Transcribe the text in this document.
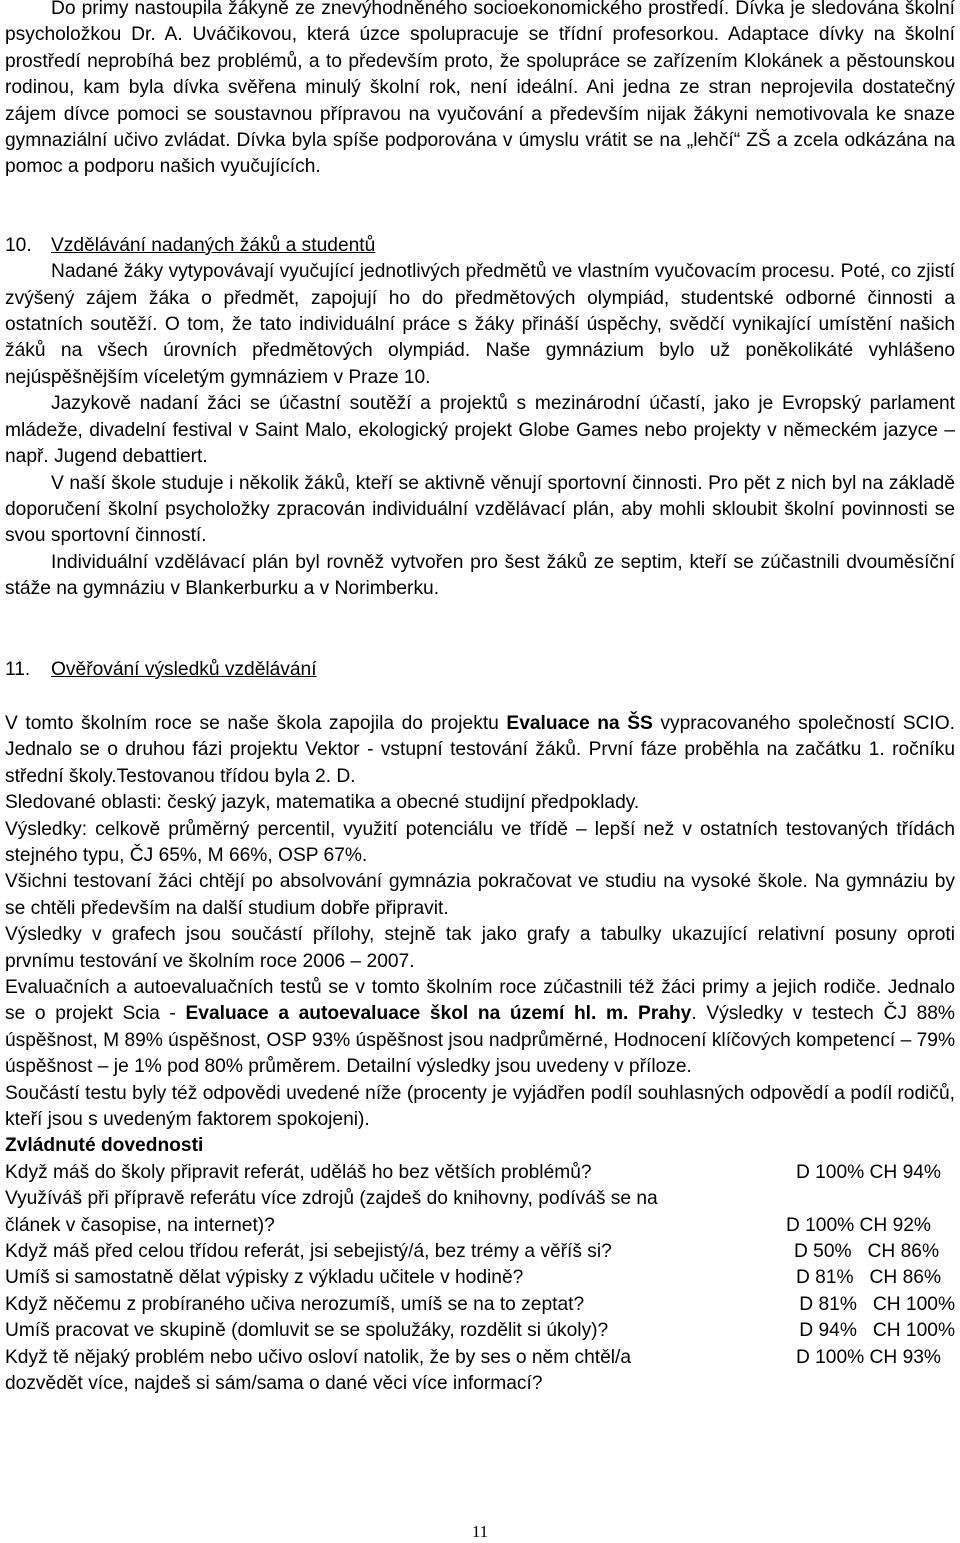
Do primy nastoupila žákyně ze znevýhodněného socioekonomického prostředí. Dívka je sledována školní psycholožkou Dr. A. Uváčikovou, která úzce spolupracuje se třídní profesorkou. Adaptace dívky na školní prostředí neprobíhá bez problémů, a to především proto, že spolupráce se zařízením Klokánek a pěstounskou rodinou, kam byla dívka svěřena minulý školní rok, není ideální. Ani jedna ze stran neprojevila dostatečný zájem dívce pomoci se soustavnou přípravou na vyučování a především nijak žákyni nemotivovala ke snaze gymnaziální učivo zvládat. Dívka byla spíše podporována v úmyslu vrátit se na „lehčí“ ZŠ a zcela odkázána na pomoc a podporu našich vyučujících.

10. Vzdělávání nadaných žáků a studentů

Nadané žáky vytypovávají vyučující jednotlivých předmětů ve vlastním vyučovacím procesu. Poté, co zjistí zvýšený zájem žáka o předmět, zapojují ho do předmětových olympiád, studentské odborné činnosti a ostatních soutěží. O tom, že tato individuální práce s žáky přináší úspěchy, svědčí vynikající umístění našich žáků na všech úrovních předmětových olympiád. Naše gymnázium bylo už poněkolikáté vyhlášeno nejúspěšnějším víceletým gymnáziem v Praze 10.

Jazykově nadaní žáci se účastní soutěží a projektů s mezinárodní účastí, jako je Evropský parlament mládeže, divadelní festival v Saint Malo, ekologický projekt Globe Games nebo projekty v německém jazyce – např. Jugend debattiert.

V naší škole studuje i několik žáků, kteří se aktivně věnují sportovní činnosti. Pro pět z nich byl na základě doporučení školní psycholožky zpracován individuální vzdělávací plán, aby mohli skloubit školní povinnosti se svou sportovní činností.

Individuální vzdělávací plán byl rovněž vytvořen pro šest žáků ze septim, kteří se zúčastnili dvouměsíční stáže na gymnáziu v Blankerburku a v Norimberku.

11. Ověřování výsledků vzdělávání

V tomto školním roce se naše škola zapojila do projektu Evaluace na ŠS vypracovaného společností SCIO. Jednalo se o druhou fázi projektu Vektor - vstupní testování žáků. První fáze proběhla na začátku 1. ročníku střední školy.Testovanou třídou byla 2. D.

Sledované oblasti: český jazyk, matematika a obecné studijní předpoklady.

Výsledky: celkově průměrný percentil, využití potenciálu ve třídě – lepší než v ostatních testovaných třídách stejného typu, ČJ 65%, M 66%, OSP 67%.

Všichni testovaní žáci chtějí po absolvování gymnázia pokračovat ve studiu na vysoké škole. Na gymnáziu by se chtěli především na další studium dobře připravit.

Výsledky v grafech jsou součástí přílohy, stejně tak jako grafy a tabulky ukazující relativní posuny oproti prvnímu testování ve školním roce 2006 – 2007.

Evaluačních a autoevaluačních testů se v tomto školním roce zúčastnili též žáci primy a jejich rodiče. Jednalo se o projekt Scia - Evaluace a autoevaluace škol na území hl. m. Prahy. Výsledky v testech ČJ 88% úspěšnost, M 89% úspěšnost, OSP 93% úspěšnost jsou nadprůměrné, Hodnocení klíčových kompetencí – 79% úspěšnost – je 1% pod 80% průměrem. Detailní výsledky jsou uvedeny v příloze.

Součástí testu byly též odpovědi uvedené níže (procenty je vyjádřen podíl souhlasných odpovědí a podíl rodičů, kteří jsou s uvedeným faktorem spokojeni).

Zvládnuté dovednosti
Když máš do školy připravit referát, uděláš ho bez větších problémů?	D 100% CH 94%
Využíváš při přípravě referátu více zdrojů (zajdeš do knihovny, podíváš se na
článek v časopise, na internet)?	D 100% CH 92%
Když máš před celou třídou referát, jsi sebejistý/á, bez trémy a věříš si?	D 50%   CH 86%
Umíš si samostatně dělat výpisky z výkladu učitele v hodině?	D 81%   CH 86%
Když něčemu z probíraného učiva nerozumíš, umíš se na to zeptat?	D 81%   CH 100%
Umíš pracovat ve skupině (domluvit se se spolužáky, rozdělit si úkoly)?	D 94%   CH 100%
Když tě nějaký problém nebo učivo osloví natolik, že by ses o něm chtěl/a	D 100% CH 93%
dozvědět více, najdeš si sám/sama o dané věci více informací?
11
